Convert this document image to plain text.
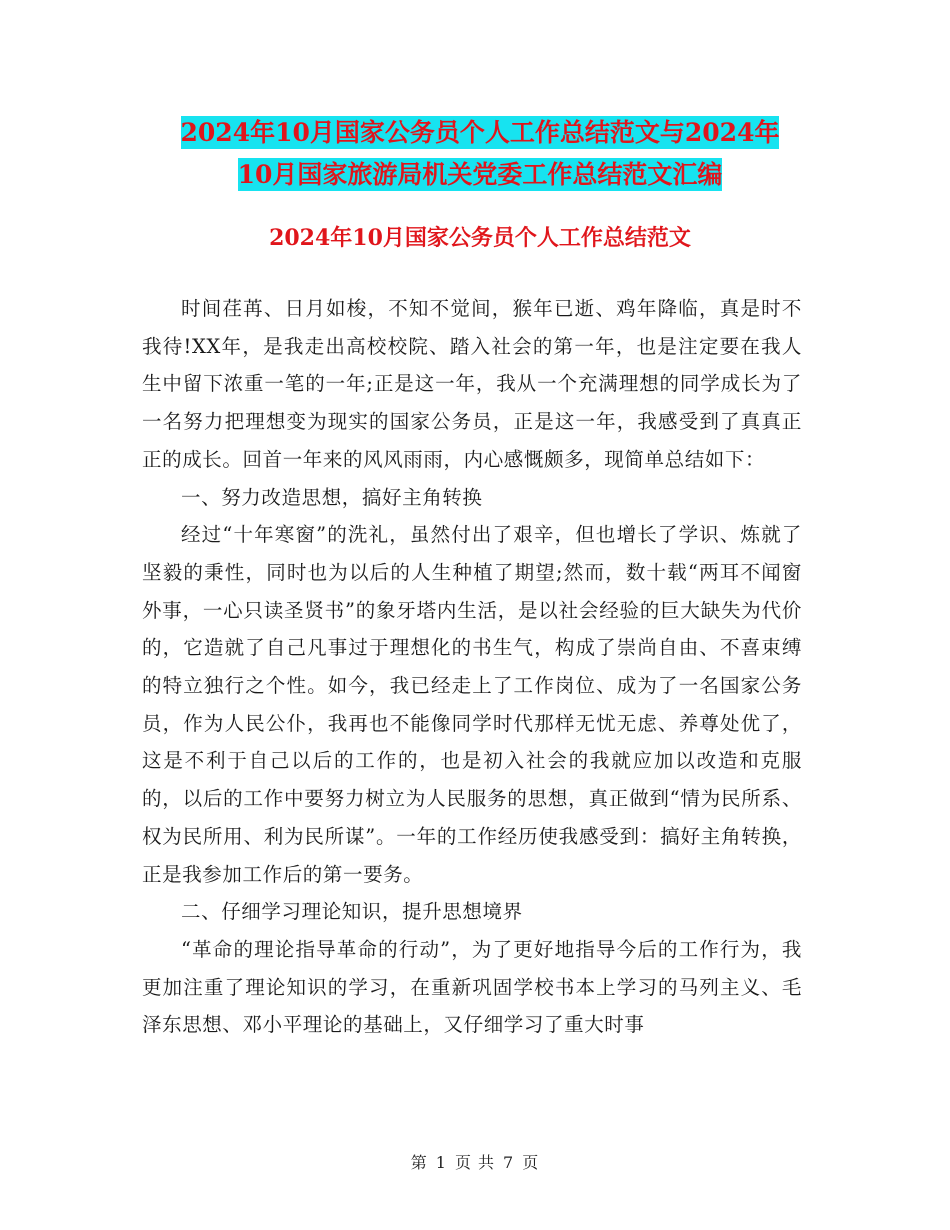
2024年10月国家公务员个人工作总结范文与2024年
10月国家旅游局机关党委工作总结范文汇编
2024年10月国家公务员个人工作总结范文

时间荏苒、日月如梭，不知不觉间，猴年已逝、鸡年降临，真是时不我待!XX年，是我走出高校校院、踏入社会的第一年，也是注定要在我人生中留下浓重一笔的一年;正是这一年，我从一个充满理想的同学成长为了一名努力把理想变为现实的国家公务员，正是这一年，我感受到了真真正正的成长。回首一年来的风风雨雨，内心感慨颇多，现简单总结如下：

一、努力改造思想，搞好主角转换

经过“十年寒窗”的洗礼，虽然付出了艰辛，但也增长了学识、炼就了坚毅的秉性，同时也为以后的人生种植了期望;然而，数十载“两耳不闻窗外事，一心只读圣贤书”的象牙塔内生活，是以社会经验的巨大缺失为代价的，它造就了自己凡事过于理想化的书生气，构成了崇尚自由、不喜束缚的特立独行之个性。如今，我已经走上了工作岗位、成为了一名国家公务员，作为人民公仆，我再也不能像同学时代那样无忧无虑、养尊处优了，这是不利于自己以后的工作的，也是初入社会的我就应加以改造和克服的，以后的工作中要努力树立为人民服务的思想，真正做到“情为民所系、权为民所用、利为民所谋”。一年的工作经历使我感受到：搞好主角转换，正是我参加工作后的第一要务。

二、仔细学习理论知识，提升思想境界

“革命的理论指导革命的行动”，为了更好地指导今后的工作行为，我更加注重了理论知识的学习，在重新巩固学校书本上学习的马列主义、毛泽东思想、邓小平理论的基础上，又仔细学习了重大时事

第 1 页 共 7 页
